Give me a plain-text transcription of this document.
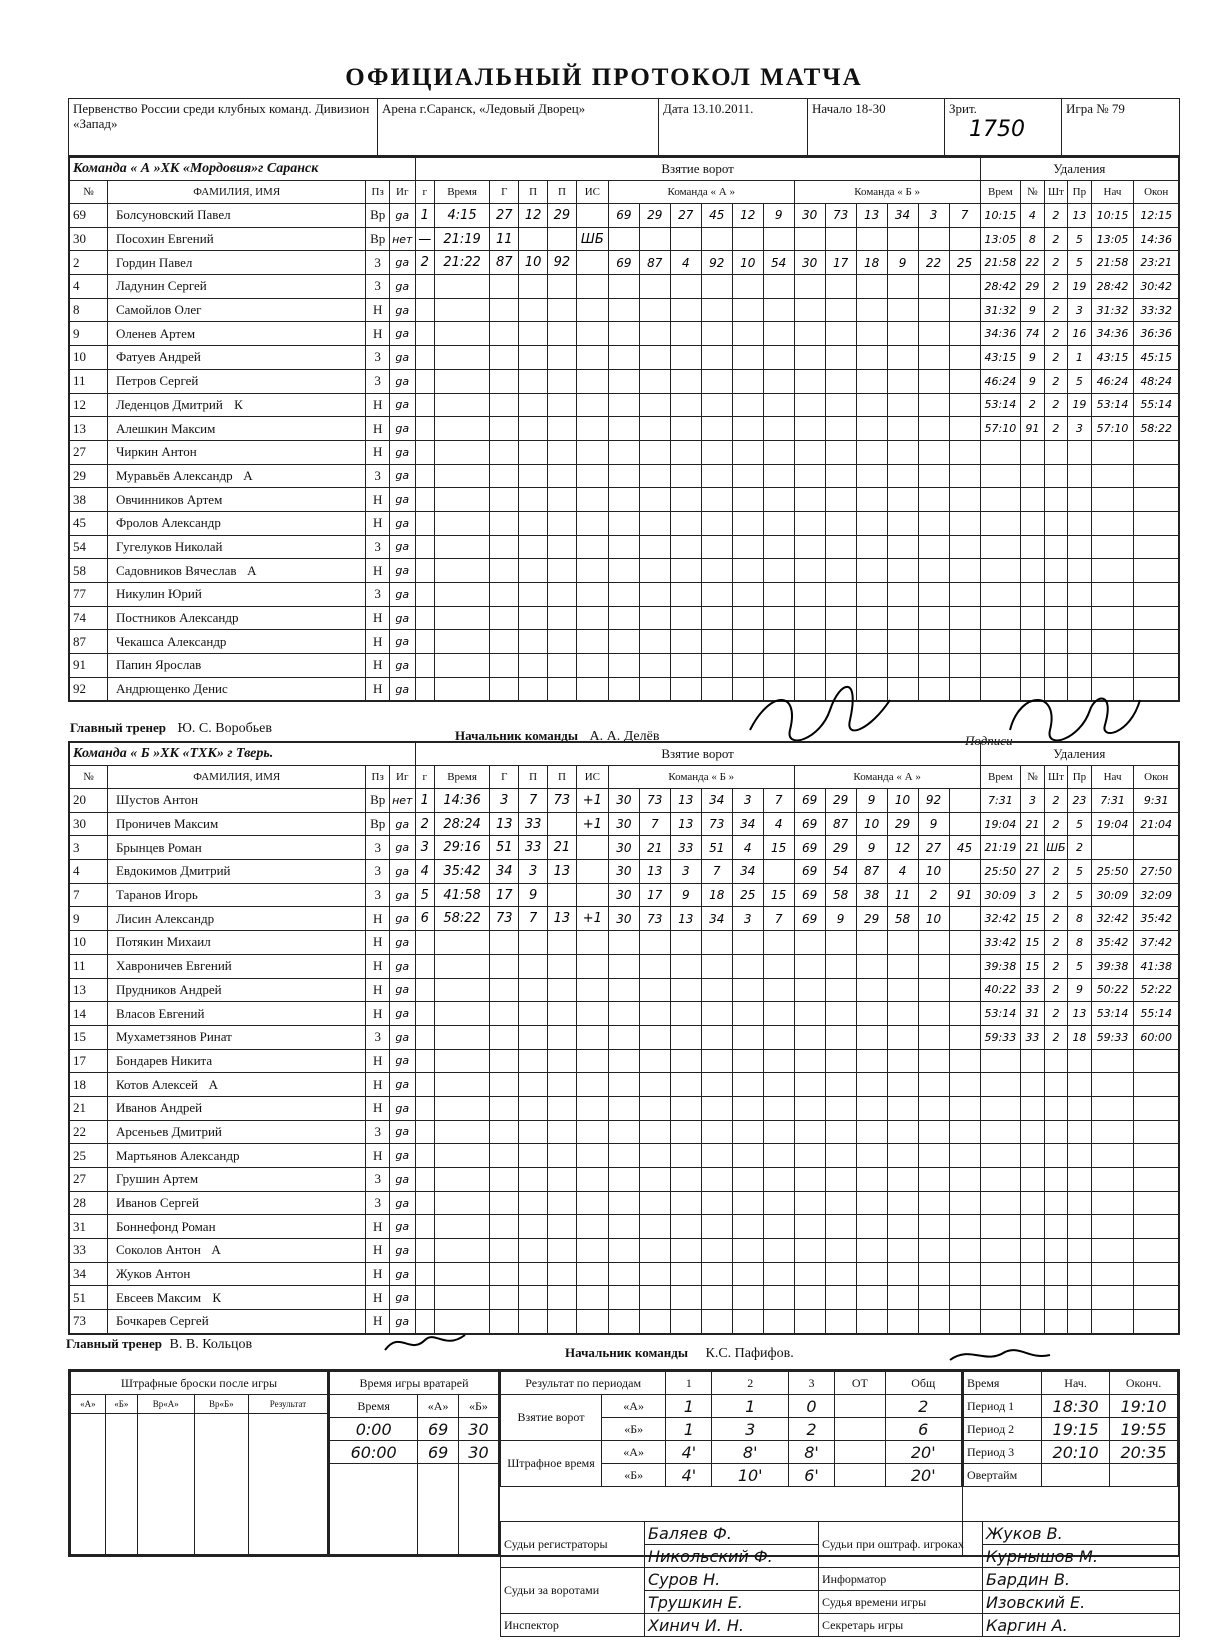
ОФИЦИАЛЬНЫЙ ПРОТОКОЛ МАТЧА
Первенство России среди клубных команд. Дивизион «Запад»	Арена г.Саранск, «Ледовый Дворец»	Дата 13.10.2011.	Начало 18-30	Зрит.
1750	Игра № 79
Команда « А »ХК «Мордовия»г Саранск				Взятие ворот																		Удаления					
№	ФАМИЛИЯ, ИМЯ	Пз	Иг	г	Время	Г	П	П	ИС	Команда « А »						Команда « Б »						Врем	№	Шт	Пр	Нач	Окон
69	Болсуновский Павел	Вр	ga	1	4:15	27	12	29		69	29	27	45	12	9	30	73	13	34	3	7	10:15	4	2	13	10:15	12:15
30	Посохин Евгений	Вр	нет	—	21:19	11			ШБ													13:05	8	2	5	13:05	14:36
2	Гордин Павел	3	ga	2	21:22	87	10	92		69	87	4	92	10	54	30	17	18	9	22	25	21:58	22	2	5	21:58	23:21
4	Ладунин Сергей	3	ga																			28:42	29	2	19	28:42	30:42
8	Самойлов Олег	Н	ga																			31:32	9	2	3	31:32	33:32
9	Оленев Артем	Н	ga																			34:36	74	2	16	34:36	36:36
10	Фатуев Андрей	3	ga																			43:15	9	2	1	43:15	45:15
11	Петров Сергей	3	ga																			46:24	9	2	5	46:24	48:24
12	Леденцов Дмитрий К	Н	ga																			53:14	2	2	19	53:14	55:14
13	Алешкин Максим	Н	ga																			57:10	91	2	3	57:10	58:22
27	Чиркин Антон	Н	ga																								
29	Муравьёв Александр А	3	ga																								
38	Овчинников Артем	Н	ga																								
45	Фролов Александр	Н	ga																								
54	Гугелуков Николай	3	ga																								
58	Садовников Вячеслав А	Н	ga																								
77	Никулин Юрий	3	ga																								
74	Постников Александр	Н	ga																								
87	Чекашса Александр	Н	ga																								
91	Папин Ярослав	Н	ga																								
92	Андрющенко Денис	Н	ga																								
Главный тренер Ю. С. Воробьев	Начальник команды А. А. Делёв	Подписи
Команда « Б »ХК «ТХК» г Тверь.				Взятие ворот																		Удаления					
№	ФАМИЛИЯ, ИМЯ	Пз	Иг	г	Время	Г	П	П	ИС	Команда « Б »						Команда « А »						Врем	№	Шт	Пр	Нач	Окон
20	Шустов Антон	Вр	нет	1	14:36	3	7	73	+1	30	73	13	34	3	7	69	29	9	10	92		7:31	3	2	23	7:31	9:31
30	Проничев Максим	Вр	ga	2	28:24	13	33		+1	30	7	13	73	34	4	69	87	10	29	9		19:04	21	2	5	19:04	21:04
3	Брынцев Роман	3	ga	3	29:16	51	33	21		30	21	33	51	4	15	69	29	9	12	27	45	21:19	21	ШБ	2		
4	Евдокимов Дмитрий	3	ga	4	35:42	34	3	13		30	13	3	7	34		69	54	87	4	10		25:50	27	2	5	25:50	27:50
7	Таранов Игорь	3	ga	5	41:58	17	9			30	17	9	18	25	15	69	58	38	11	2	91	30:09	3	2	5	30:09	32:09
9	Лисин Александр	Н	ga	6	58:22	73	7	13	+1	30	73	13	34	3	7	69	9	29	58	10		32:42	15	2	8	32:42	35:42
10	Потякин Михаил	Н	ga																			33:42	15	2	8	35:42	37:42
11	Хавроничев Евгений	Н	ga																			39:38	15	2	5	39:38	41:38
13	Прудников Андрей	Н	ga																			40:22	33	2	9	50:22	52:22
14	Власов Евгений	Н	ga																			53:14	31	2	13	53:14	55:14
15	Мухаметзянов Ринат	3	ga																			59:33	33	2	18	59:33	60:00
17	Бондарев Никита	Н	ga																								
18	Котов Алексей А	Н	ga																								
21	Иванов Андрей	Н	ga																								
22	Арсеньев Дмитрий	3	ga																								
25	Мартьянов Александр	Н	ga																								
27	Грушин Артем	3	ga																								
28	Иванов Сергей	3	ga																								
31	Боннефонд Роман	Н	ga																								
33	Соколов Антон А	Н	ga																								
34	Жуков Антон	Н	ga																								
51	Евсеев Максим К	Н	ga																								
73	Бочкарев Сергей	Н	ga																								
Главный тренер В. В. Кольцов
Начальник команды К.С. Пафифов.
Штрафные броски после игры
«А»	«Б»	Вр«А»	Вр«Б»	Результат

Время игры вратарей
Время	«А»	«Б»
0:00	69	30
60:00	69	30

Результат по периодам	1	2	3	ОТ	Общ
Взятие ворот	«А»	1	1	0		2
«Б»	1	3	2		6
Штрафное время	«А»	4'	8'	8'		20'
«Б»	4'	10'	6'		20'

Время	Нач.	Оконч.
Период 1	18:30	19:10
Период 2	19:15	19:55
Период 3	20:10	20:35
Овертайм		
Судьи регистраторы	Баляев Ф.	Судьи при оштраф. игроках	Жуков В.
	Никольский Ф.		Курнышов М.
Судьи за воротами	Суров Н.	Информатор	Бардин В.
	Трушкин Е.	Судья времени игры	Изовский Е.
Инспектор	Хинич И. Н.	Секретарь игры	Каргин А.
